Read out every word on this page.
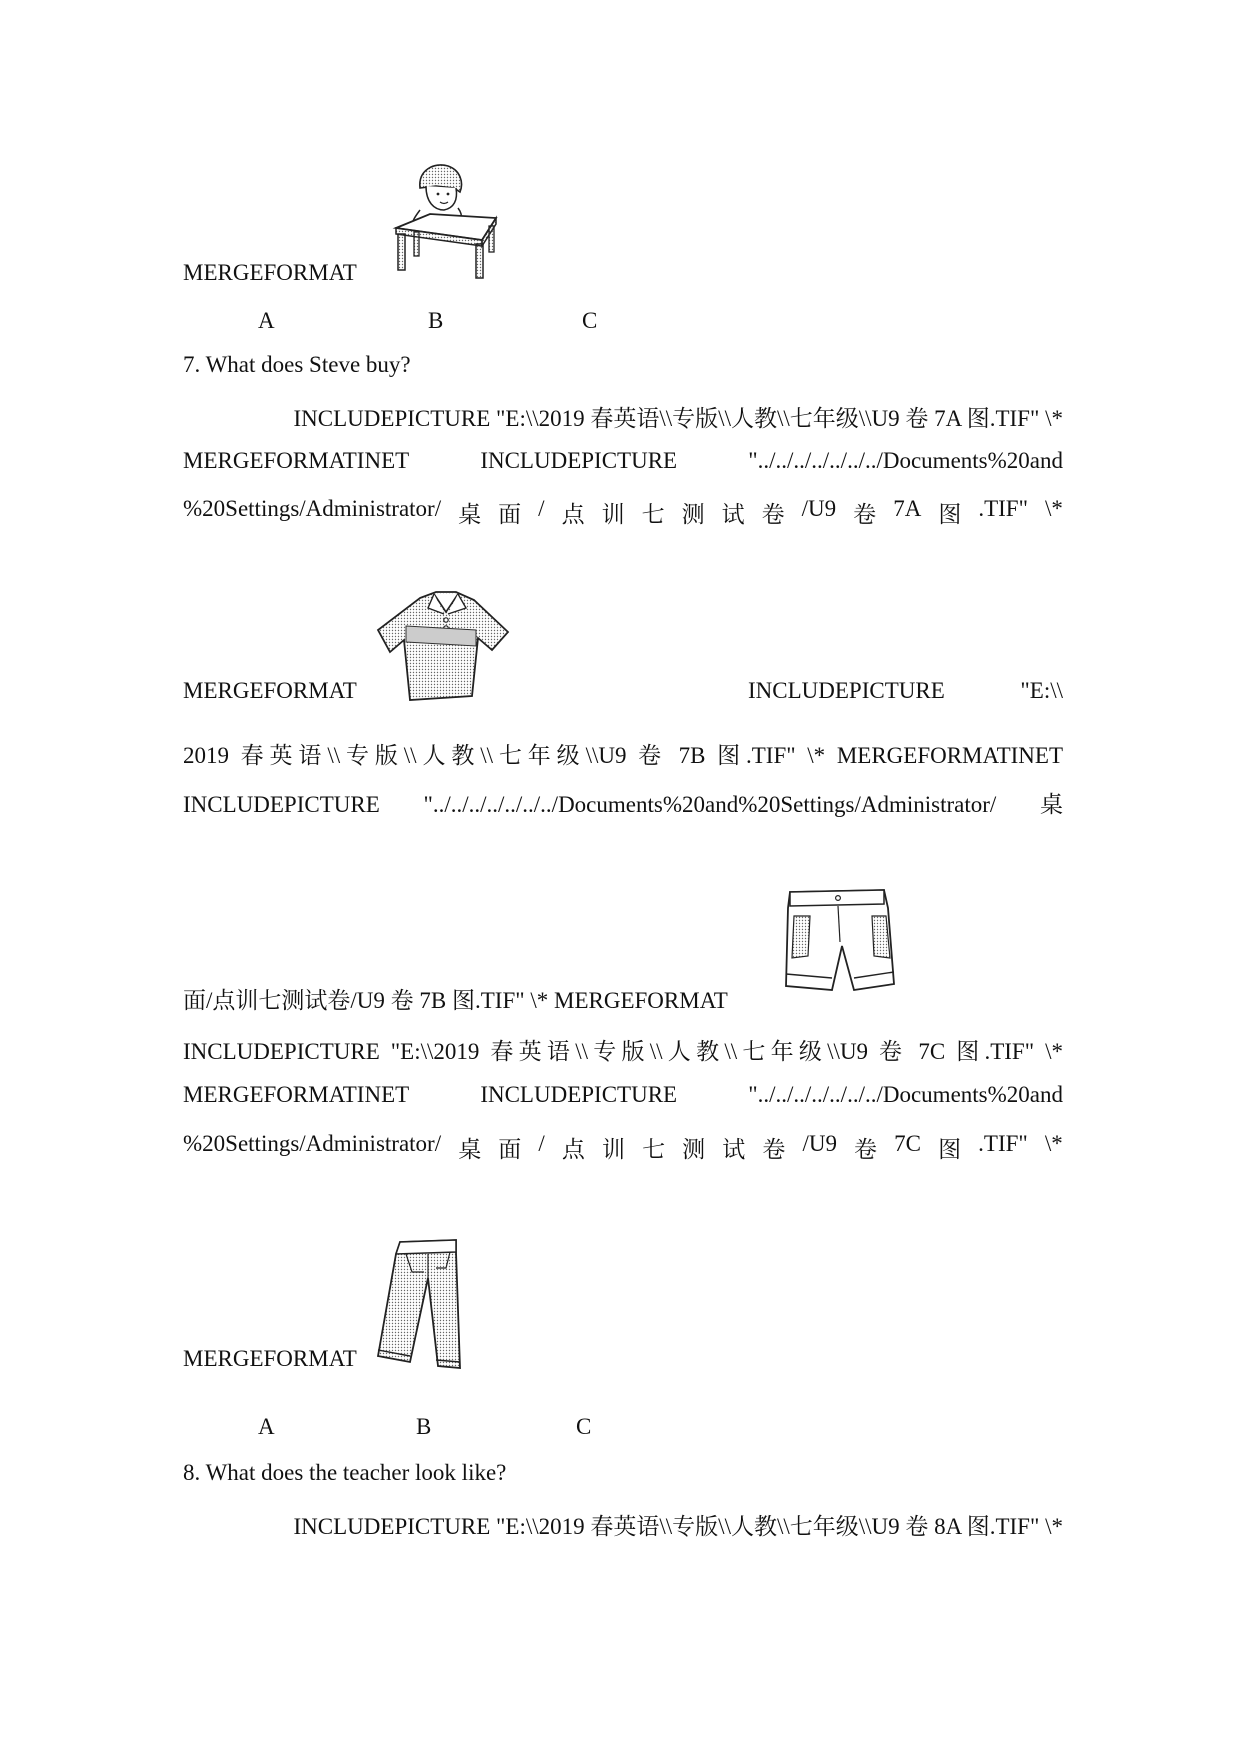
MERGEFORMAT
A	B	C
7. What does Steve buy?
INCLUDEPICTURE "E:\\2019 春英语\\专版\\人教\\七年级\\U9 卷 7A 图.TIF" \*
MERGEFORMATINET	INCLUDEPICTURE	"../../../../../../../Documents%20and
%20Settings/Administrator/ 桌 面 / 点 训 七 测 试 卷 /U9 卷 7A 图 .TIF" \*
MERGEFORMAT	INCLUDEPICTURE	"E:\\
2019 春英语\\专版\\人教\\七年级\\U9 卷 7B 图.TIF" \* MERGEFORMATINET
INCLUDEPICTURE "../../../../../../../Documents%20and%20Settings/Administrator/ 桌
面/点训七测试卷/U9 卷 7B 图.TIF" \* MERGEFORMAT
INCLUDEPICTURE "E:\\2019 春英语\\专版\\人教\\七年级\\U9 卷 7C 图.TIF" \*
MERGEFORMATINET	INCLUDEPICTURE	"../../../../../../../Documents%20and
%20Settings/Administrator/ 桌 面 / 点 训 七 测 试 卷 /U9 卷 7C 图 .TIF" \*
MERGEFORMAT
A	B	C
8. What does the teacher look like?
INCLUDEPICTURE "E:\\2019 春英语\\专版\\人教\\七年级\\U9 卷 8A 图.TIF" \*
